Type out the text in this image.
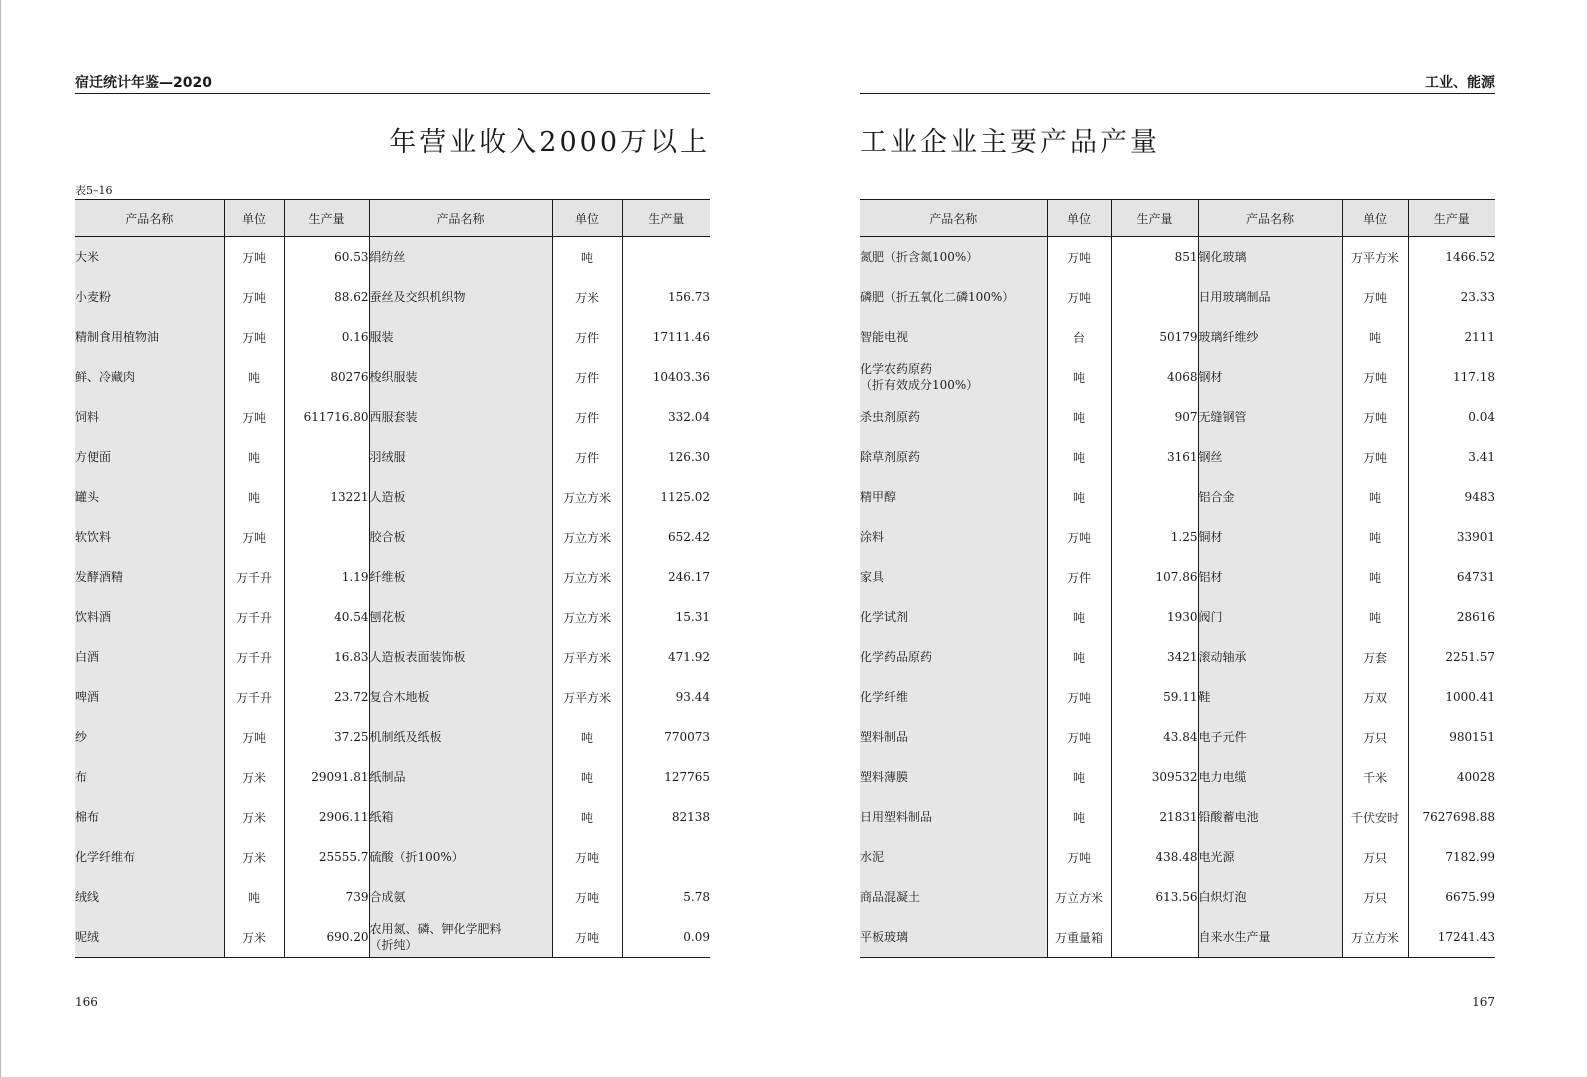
宿迁统计年鉴—2020
年营业收入2000万以上
表5–16
产品名称	单位	生产量	产品名称	单位	生产量
大米	万吨	60.53	绢纺丝	吨	
小麦粉	万吨	88.62	蚕丝及交织机织物	万米	156.73
精制食用植物油	万吨	0.16	服装	万件	17111.46
鲜、冷藏肉	吨	80276	梭织服装	万件	10403.36
饲料	万吨	611716.80	西服套装	万件	332.04
方便面	吨		羽绒服	万件	126.30
罐头	吨	13221	人造板	万立方米	1125.02
软饮料	万吨		胶合板	万立方米	652.42
发酵酒精	万千升	1.19	纤维板	万立方米	246.17
饮料酒	万千升	40.54	刨花板	万立方米	15.31
白酒	万千升	16.83	人造板表面装饰板	万平方米	471.92
啤酒	万千升	23.72	复合木地板	万平方米	93.44
纱	万吨	37.25	机制纸及纸板	吨	770073
布	万米	29091.81	纸制品	吨	127765
棉布	万米	2906.11	纸箱	吨	82138
化学纤维布	万米	25555.7	硫酸（折100%）	万吨	
绒线	吨	739	合成氨	万吨	5.78
呢绒	万米	690.20	农用氮、磷、钾化学肥料
（折纯）	万吨	0.09
166
工业、能源
工业企业主要产品产量
产品名称	单位	生产量	产品名称	单位	生产量
氮肥（折含氮100%）	万吨	851	钢化玻璃	万平方米	1466.52
磷肥（折五氧化二磷100%）	万吨		日用玻璃制品	万吨	23.33
智能电视	台	50179	玻璃纤维纱	吨	2111
化学农药原药
（折有效成分100%）	吨	4068	钢材	万吨	117.18
杀虫剂原药	吨	907	无缝钢管	万吨	0.04
除草剂原药	吨	3161	钢丝	万吨	3.41
精甲醇	吨		铝合金	吨	9483
涂料	万吨	1.25	铜材	吨	33901
家具	万件	107.86	铝材	吨	64731
化学试剂	吨	1930	阀门	吨	28616
化学药品原药	吨	3421	滚动轴承	万套	2251.57
化学纤维	万吨	59.11	鞋	万双	1000.41
塑料制品	万吨	43.84	电子元件	万只	980151
塑料薄膜	吨	309532	电力电缆	千米	40028
日用塑料制品	吨	21831	铅酸蓄电池	千伏安时	7627698.88
水泥	万吨	438.48	电光源	万只	7182.99
商品混凝土	万立方米	613.56	白炽灯泡	万只	6675.99
平板玻璃	万重量箱		自来水生产量	万立方米	17241.43
167
